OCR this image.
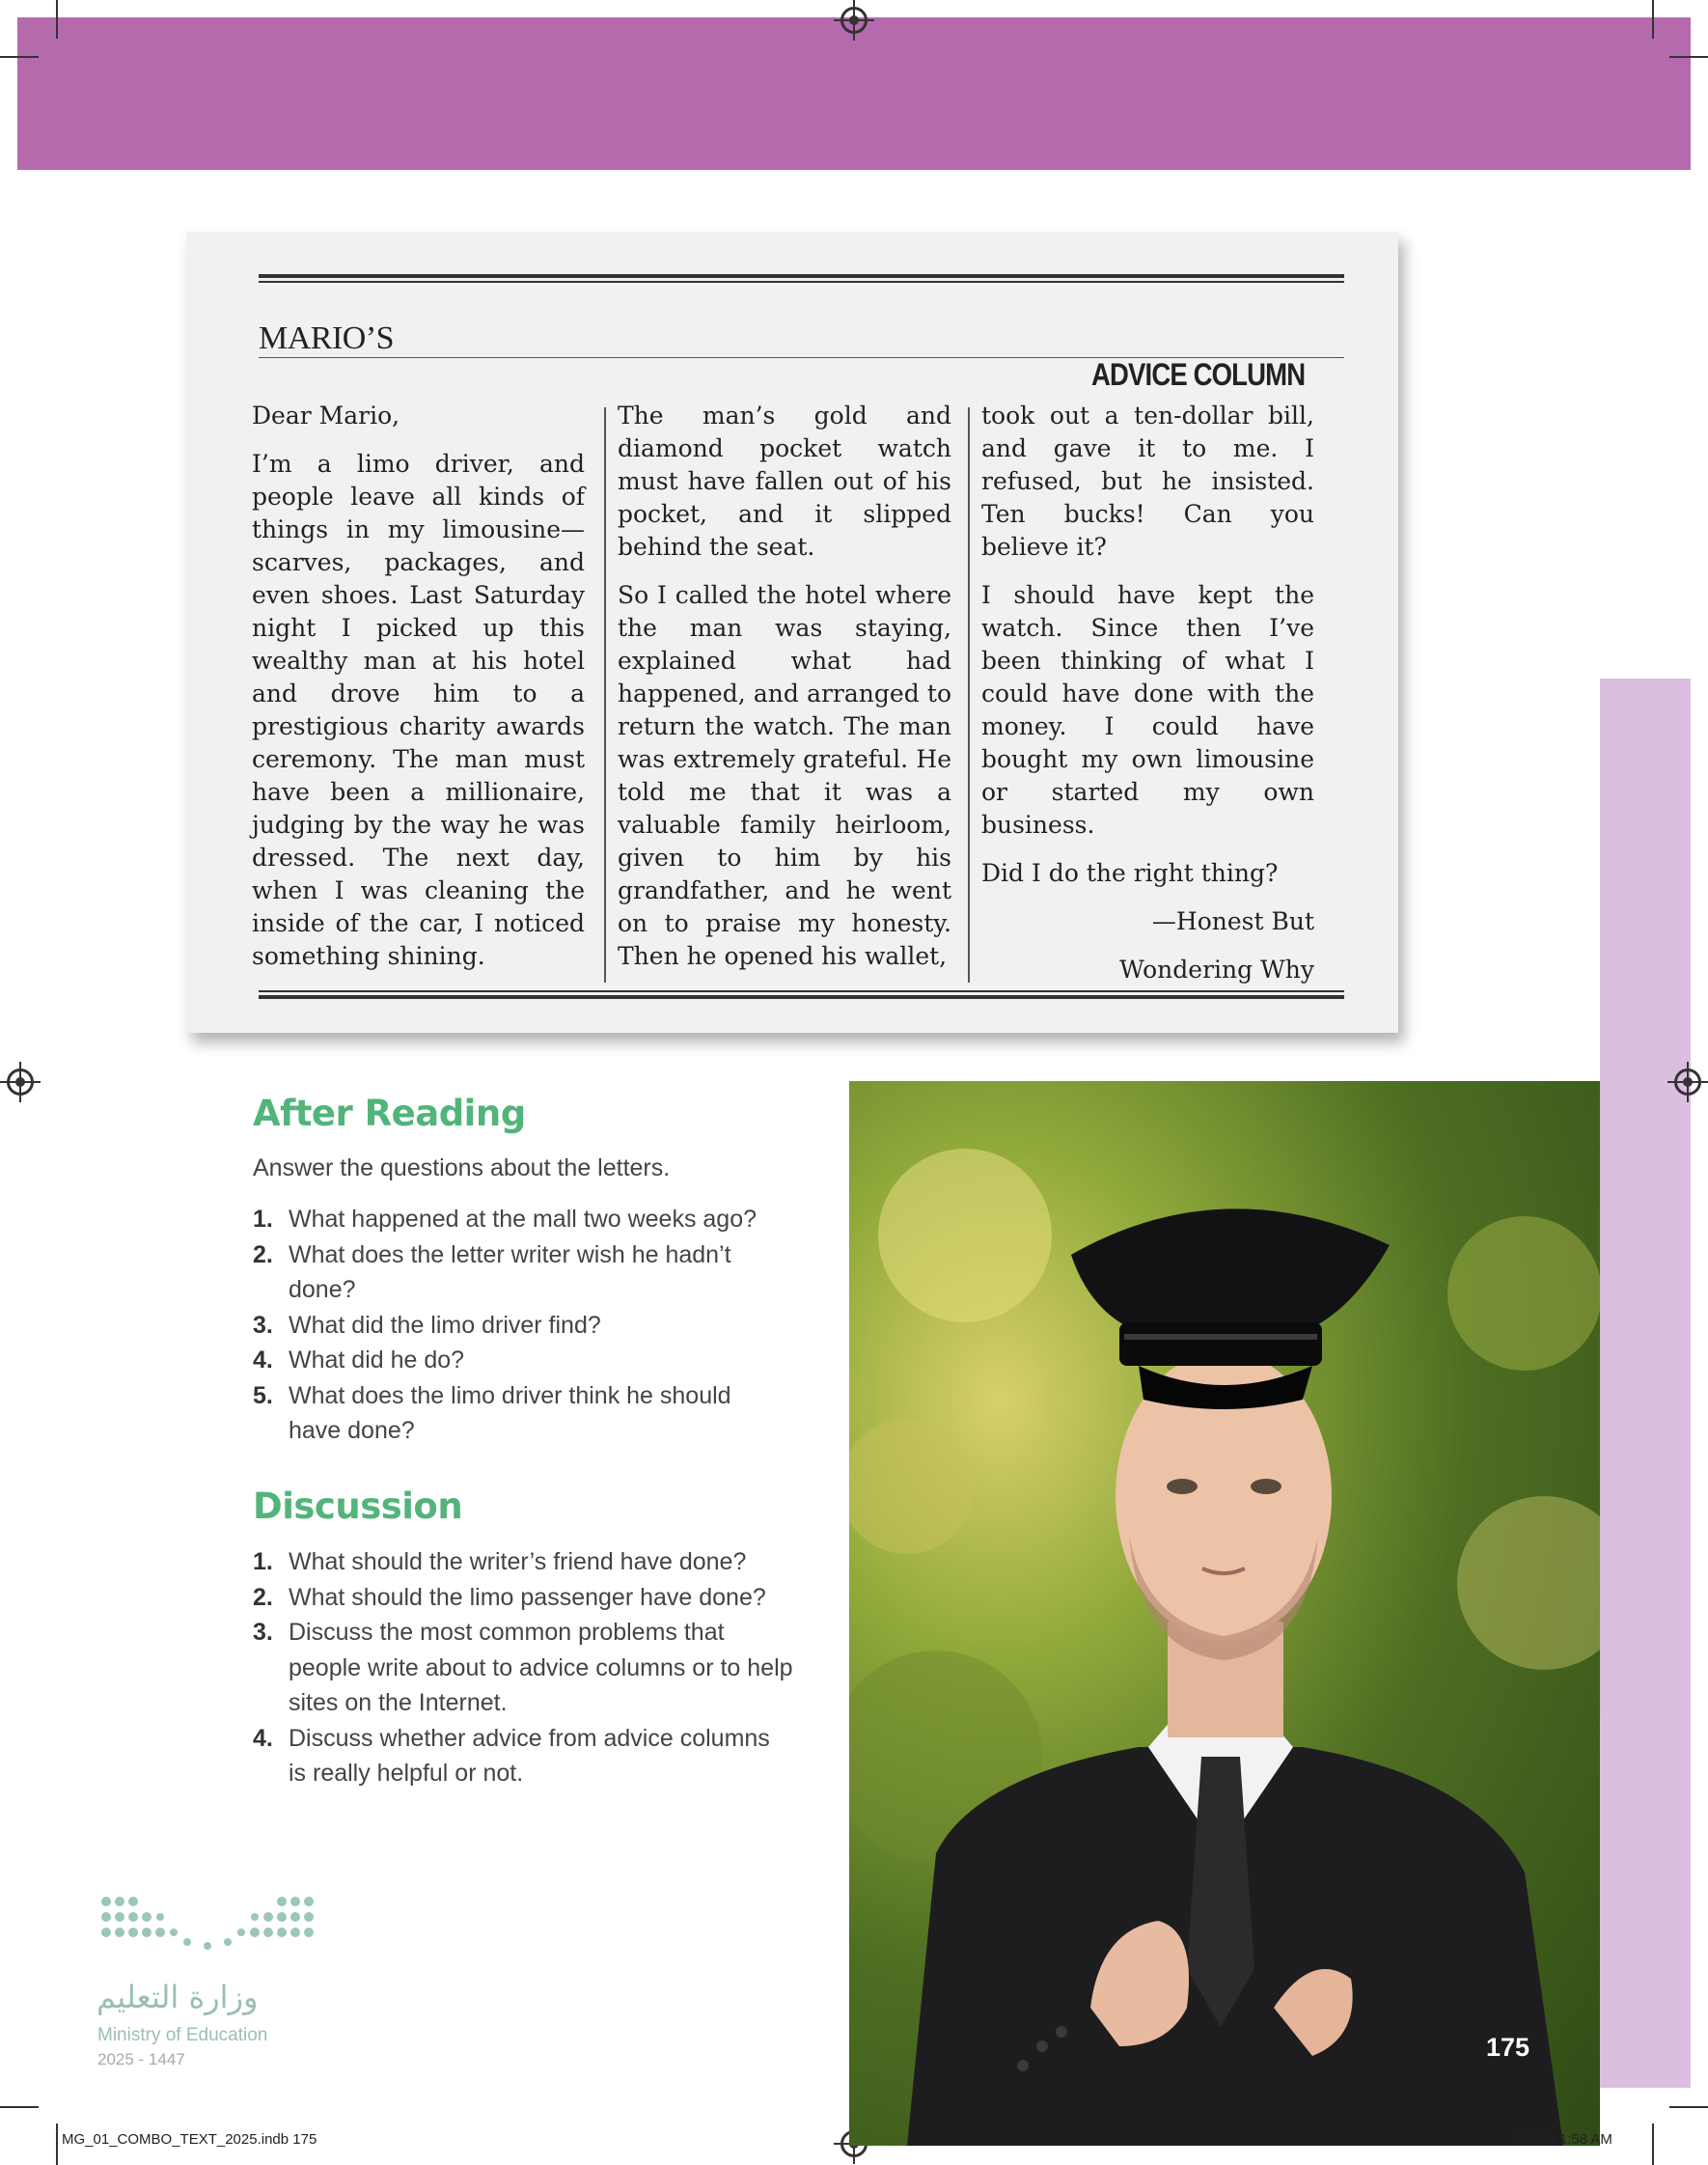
MARIO’S
ADVICE COLUMN

Dear Mario,

I’m a limo driver, and people leave all kinds of things in my limousine—scarves, packages, and even shoes. Last Saturday night I picked up this wealthy man at his hotel and drove him to a prestigious charity awards ceremony. The man must have been a millionaire, judging by the way he was dressed. The next day, when I was cleaning the inside of the car, I noticed something shining.

The man’s gold and diamond pocket watch must have fallen out of his pocket, and it slipped behind the seat.

So I called the hotel where the man was staying, explained what had happened, and arranged to return the watch. The man was extremely grateful. He told me that it was a valuable family heirloom, given to him by his grandfather, and he went on to praise my honesty. Then he opened his wallet,

took out a ten-dollar bill, and gave it to me. I refused, but he insisted. Ten bucks! Can you believe it?

I should have kept the watch. Since then I’ve been thinking of what I could have done with the money. I could have bought my own limousine or started my own business.

Did I do the right thing?

—Honest But

Wondering Why

After Reading
Answer the questions about the letters.
1. What happened at the mall two weeks ago?
2. What does the letter writer wish he hadn’t done?
3. What did the limo driver find?
4. What did he do?
5. What does the limo driver think he should have done?
Discussion
1. What should the writer’s friend have done?
2. What should the limo passenger have done?
3. Discuss the most common problems that people write about to advice columns or to help sites on the Internet.
4. Discuss whether advice from advice columns is really helpful or not.
175
وزارة التعليم
Ministry of Education
2025 - 1447
MG_01_COMBO_TEXT_2025.indb 175	2/4/25 1:58 AM
